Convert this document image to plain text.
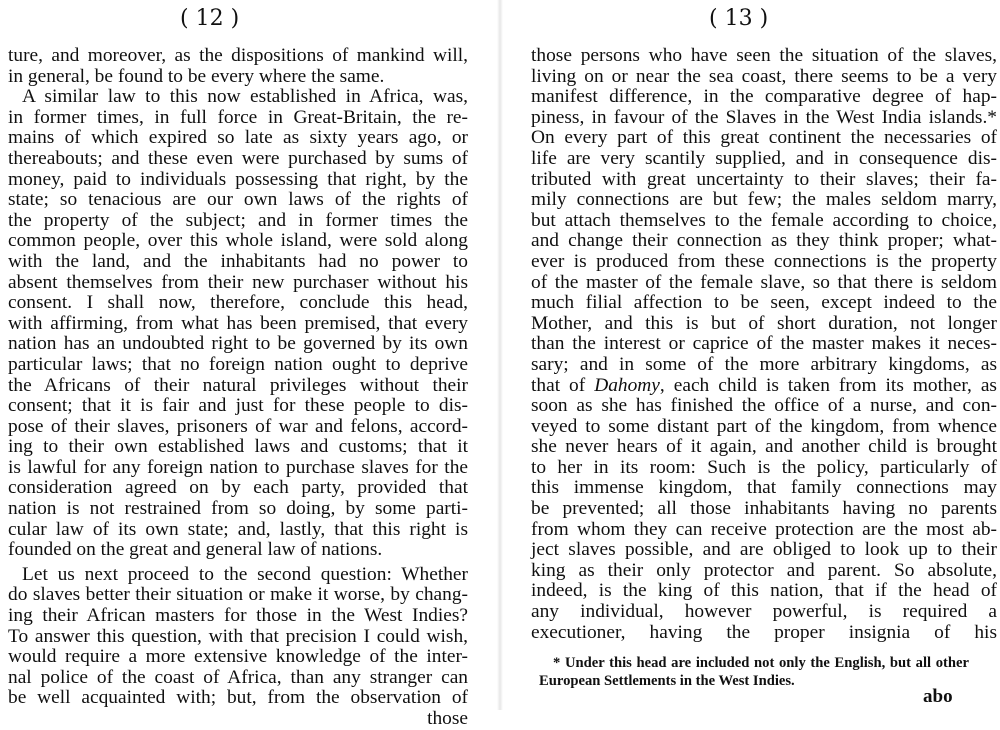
( 12 )
ture, and moreover, as the dispositions of mankind will,
in general, be found to be every where the same.
A similar law to this now established in Africa, was,
in former times, in full force in Great-Britain, the re-
mains of which expired so late as sixty years ago, or
thereabouts; and these even were purchased by sums of
money, paid to individuals possessing that right, by the
state; so tenacious are our own laws of the rights of
the property of the subject; and in former times the
common people, over this whole island, were sold along
with the land, and the inhabitants had no power to
absent themselves from their new purchaser without his
consent. I shall now, therefore, conclude this head,
with affirming, from what has been premised, that every
nation has an undoubted right to be governed by its own
particular laws; that no foreign nation ought to deprive
the Africans of their natural privileges without their
consent; that it is fair and just for these people to dis-
pose of their slaves, prisoners of war and felons, accord-
ing to their own established laws and customs; that it
is lawful for any foreign nation to purchase slaves for the
consideration agreed on by each party, provided that
nation is not restrained from so doing, by some parti-
cular law of its own state; and, lastly, that this right is
founded on the great and general law of nations.
Let us next proceed to the second question: Whether
do slaves better their situation or make it worse, by chang-
ing their African masters for those in the West Indies?
To answer this question, with that precision I could wish,
would require a more extensive knowledge of the inter-
nal police of the coast of Africa, than any stranger can
be well acquainted with; but, from the observation of
those
( 13 )
those persons who have seen the situation of the slaves,
living on or near the sea coast, there seems to be a very
manifest difference, in the comparative degree of hap-
piness, in favour of the Slaves in the West India islands.*
On every part of this great continent the necessaries of
life are very scantily supplied, and in consequence dis-
tributed with great uncertainty to their slaves; their fa-
mily connections are but few; the males seldom marry,
but attach themselves to the female according to choice,
and change their connection as they think proper; what-
ever is produced from these connections is the property
of the master of the female slave, so that there is seldom
much filial affection to be seen, except indeed to the
Mother, and this is but of short duration, not longer
than the interest or caprice of the master makes it neces-
sary; and in some of the more arbitrary kingdoms, as
that of Dahomy, each child is taken from its mother, as
soon as she has finished the office of a nurse, and con-
veyed to some distant part of the kingdom, from whence
she never hears of it again, and another child is brought
to her in its room: Such is the policy, particularly of
this immense kingdom, that family connections may
be prevented; all those inhabitants having no parents
from whom they can receive protection are the most ab-
ject slaves possible, and are obliged to look up to their
king as their only protector and parent. So absolute,
indeed, is the king of this nation, that if the head of
any individual, however powerful, is required a
executioner, having the proper insignia of his
* Under this head are included not only the English, but all other
European Settlements in the West Indies.
abo
